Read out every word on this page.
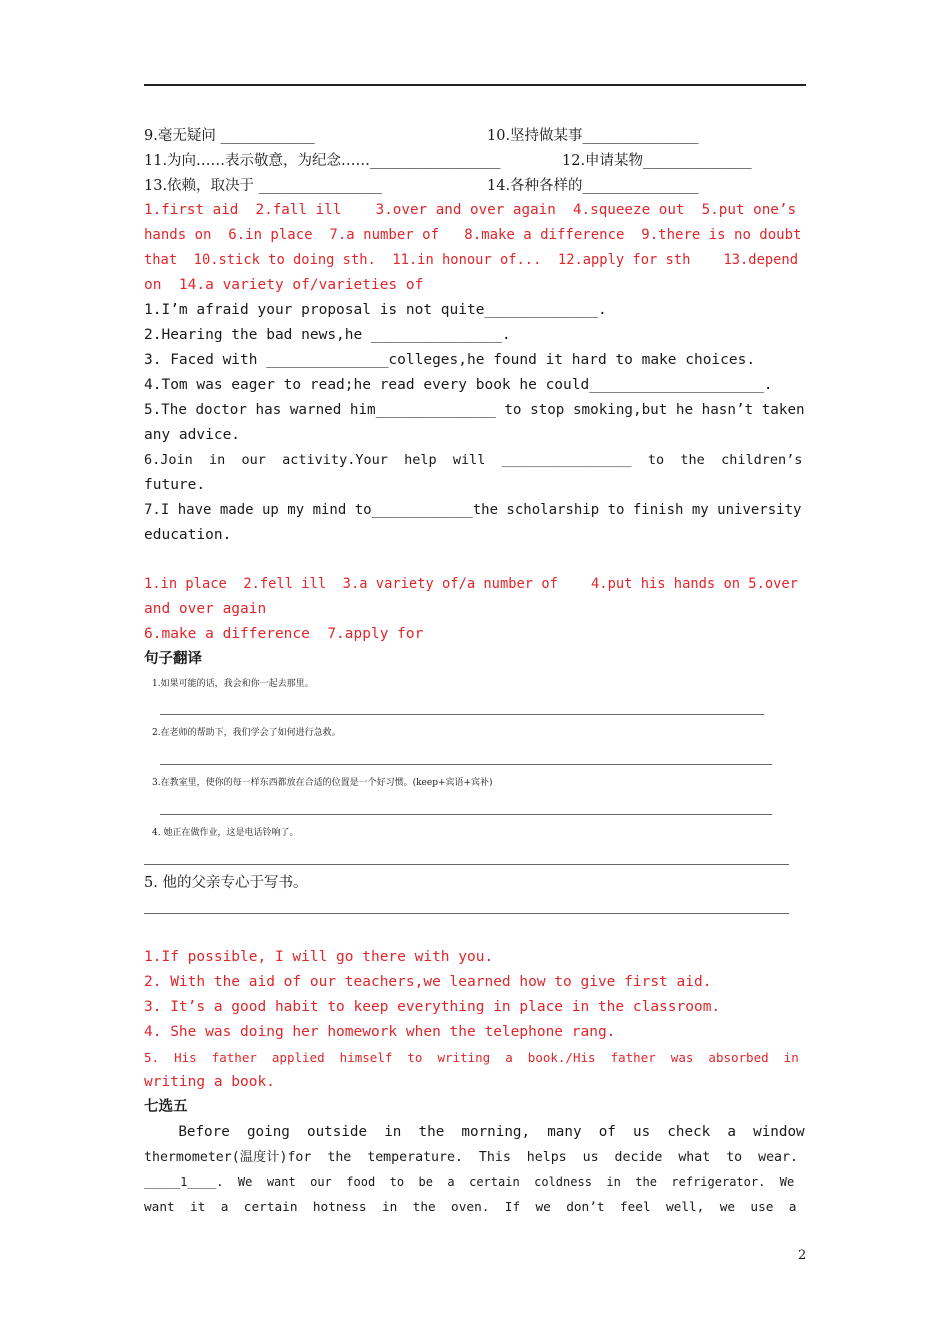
9.毫无疑问 _____________	10.坚持做某事________________
11.为向……表示敬意，为纪念……__________________	12.申请某物_______________
13.依赖，取决于 _________________	14.各种各样的________________
1.first aid  2.fall ill    3.over and over again  4.squeeze out  5.put one’s
hands on  6.in place  7.a number of   8.make a difference  9.there is no doubt
that  10.stick to doing sth.  11.in honour of...  12.apply for sth    13.depend
on  14.a variety of/varieties of
1.I’m afraid your proposal is not quite_____________.
2.Hearing the bad news,he _______________.
3. Faced with ______________colleges,he found it hard to make choices.
4.Tom was eager to read;he read every book he could____________________.
5.The doctor has warned him______________ to stop smoking,but he hasn’t taken
any advice.
6.Join  in  our  activity.Your  help  will  ________________  to  the  children’s
future.
7.I have made up my mind to____________the scholarship to finish my university
education.
1.in place  2.fell ill  3.a variety of/a number of    4.put his hands on 5.over
and over again
6.make a difference  7.apply for
句子翻译
1.如果可能的话，我会和你一起去那里。
2.在老师的帮助下，我们学会了如何进行急救。
3.在教室里，使你的每一样东西都放在合适的位置是一个好习惯。(keep+宾语+宾补)
4. 她正在做作业，这是电话铃响了。
5. 他的父亲专心于写书。
1.If possible, I will go there with you.
2. With the aid of our teachers,we learned how to give first aid.
3. It’s a good habit to keep everything in place in the classroom.
4. She was doing her homework when the telephone rang.
5.  His  father  applied  himself  to  writing  a  book./His  father  was  absorbed  in
writing a book.
七选五
Before  going  outside  in  the  morning,  many  of  us  check  a  window
thermometer(温度计)for  the  temperature.  This  helps  us  decide  what  to  wear.
_____1____.  We  want  our  food  to  be  a  certain  coldness  in  the  refrigerator.  We
want  it  a  certain  hotness  in  the  oven.  If  we  don’t  feel  well,  we  use  a
2
